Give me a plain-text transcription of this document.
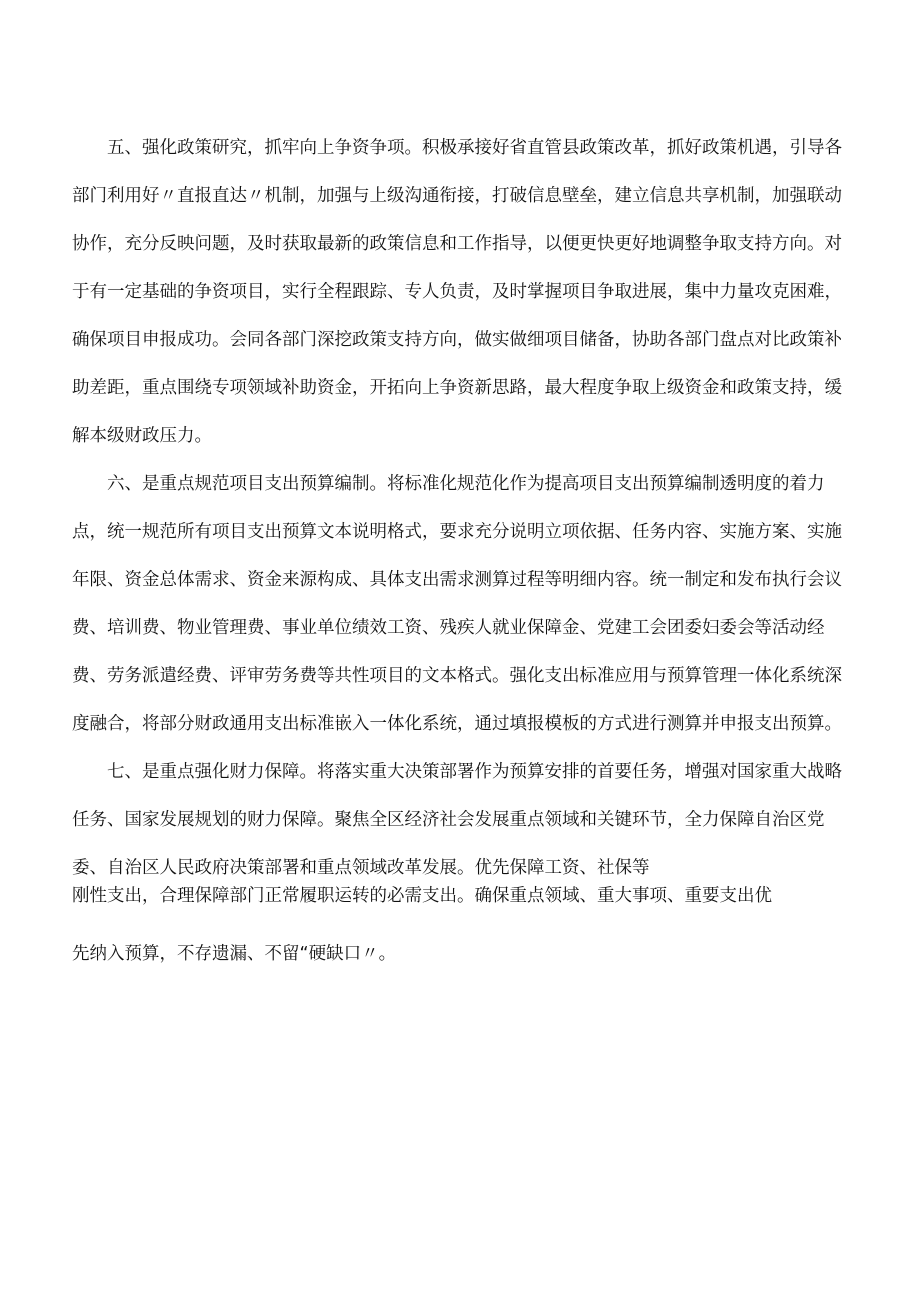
五、强化政策研究，抓牢向上争资争项。积极承接好省直管县政策改革，抓好政策机遇，引导各
部门利用好〃直报直达〃机制，加强与上级沟通衔接，打破信息壁垒，建立信息共享机制，加强联动
协作，充分反映问题，及时获取最新的政策信息和工作指导，以便更快更好地调整争取支持方向。对
于有一定基础的争资项目，实行全程跟踪、专人负责，及时掌握项目争取进展，集中力量攻克困难，
确保项目申报成功。会同各部门深挖政策支持方向，做实做细项目储备，协助各部门盘点对比政策补
助差距，重点围绕专项领域补助资金，开拓向上争资新思路，最大程度争取上级资金和政策支持，缓
解本级财政压力。
六、是重点规范项目支出预算编制。将标准化规范化作为提高项目支出预算编制透明度的着力
点，统一规范所有项目支出预算文本说明格式，要求充分说明立项依据、任务内容、实施方案、实施
年限、资金总体需求、资金来源构成、具体支出需求测算过程等明细内容。统一制定和发布执行会议
费、培训费、物业管理费、事业单位绩效工资、残疾人就业保障金、党建工会团委妇委会等活动经
费、劳务派遣经费、评审劳务费等共性项目的文本格式。强化支出标准应用与预算管理一体化系统深
度融合，将部分财政通用支出标准嵌入一体化系统，通过填报模板的方式进行测算并申报支出预算。
七、是重点强化财力保障。将落实重大决策部署作为预算安排的首要任务，增强对国家重大战略
任务、国家发展规划的财力保障。聚焦全区经济社会发展重点领域和关键环节，全力保障自治区党
委、自治区人民政府决策部署和重点领域改革发展。优先保障工资、社保等
刚性支出，合理保障部门正常履职运转的必需支出。确保重点领域、重大事项、重要支出优
先纳入预算，不存遗漏、不留“硬缺口〃。
